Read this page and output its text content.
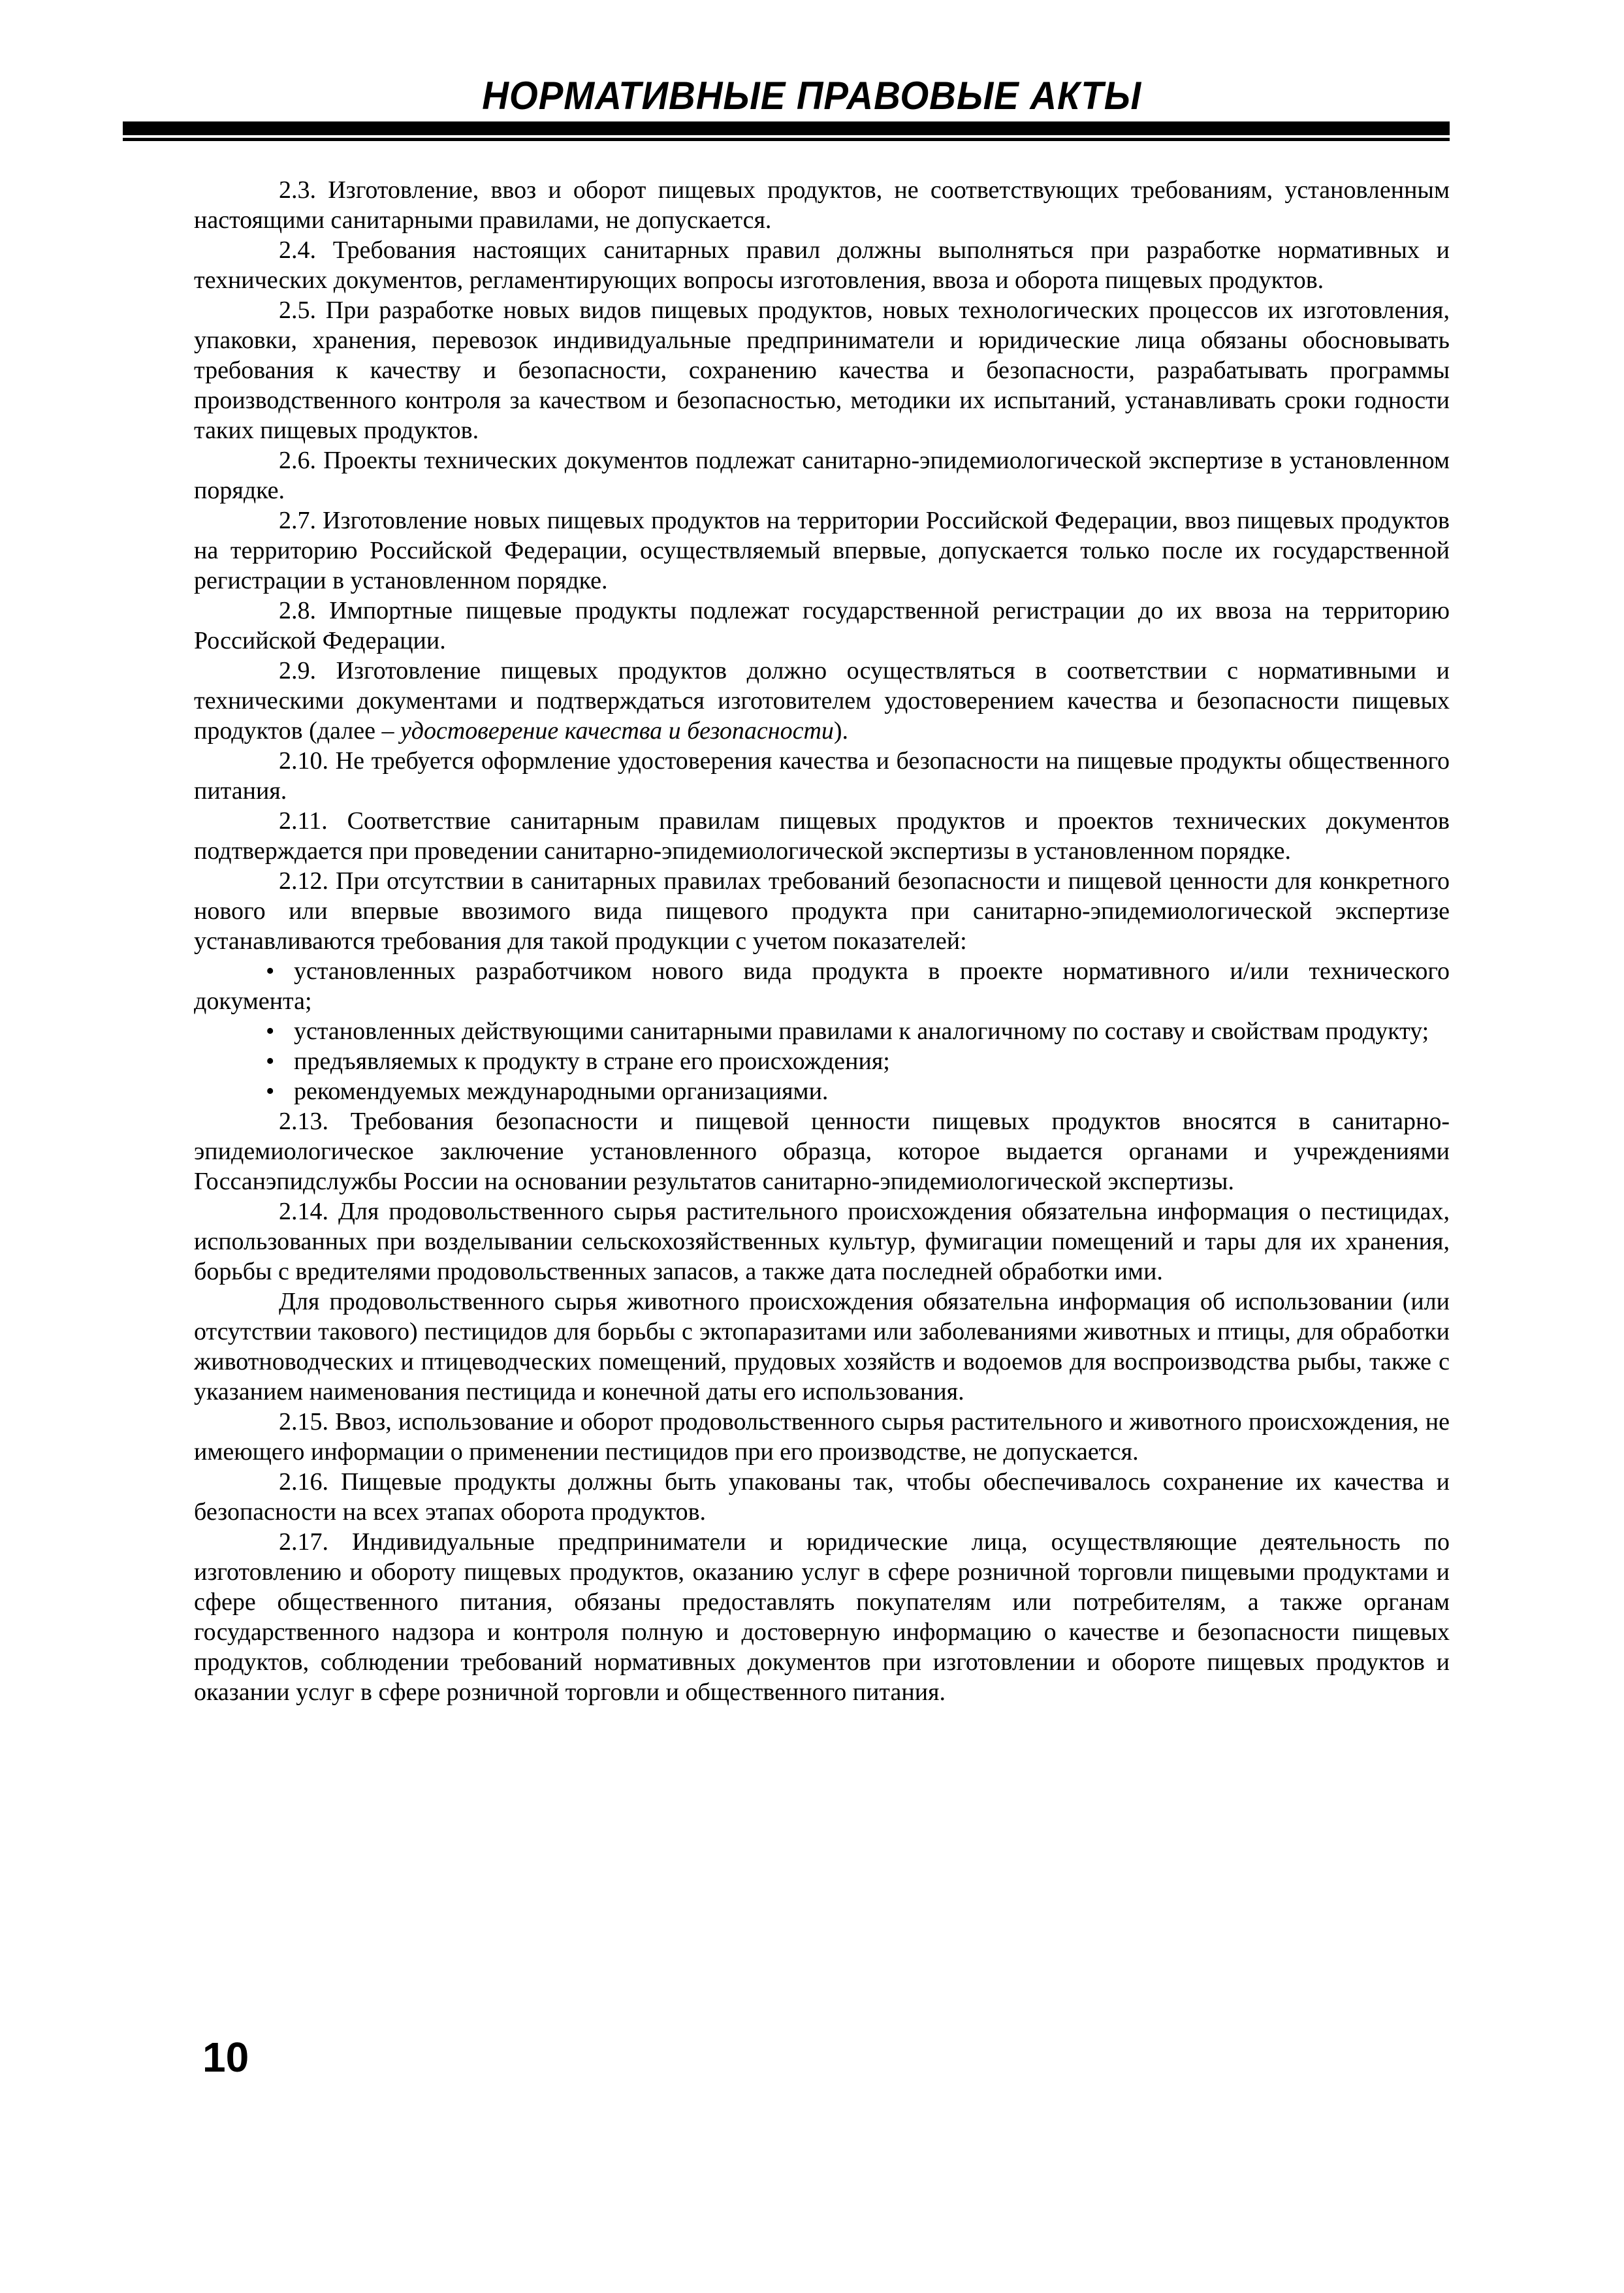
НОРМАТИВНЫЕ ПРАВОВЫЕ АКТЫ

2.3. Изготовление, ввоз и оборот пищевых продуктов, не соответствующих требованиям, установленным настоящими санитарными правилами, не допускается.

2.4. Требования настоящих санитарных правил должны выполняться при разработке нормативных и технических документов, регламентирующих вопросы изготовления, ввоза и оборота пищевых продуктов.

2.5. При разработке новых видов пищевых продуктов, новых технологических процессов их изготовления, упаковки, хранения, перевозок индивидуальные предприниматели и юридические лица обязаны обосновывать требования к качеству и безопасности, сохранению качества и безопасности, разрабатывать программы производственного контроля за качеством и безопасностью, методики их испытаний, устанавливать сроки годности таких пищевых продуктов.

2.6. Проекты технических документов подлежат санитарно-эпидемиологической экспертизе в установленном порядке.

2.7. Изготовление новых пищевых продуктов на территории Российской Федерации, ввоз пищевых продуктов на территорию Российской Федерации, осуществляемый впервые, допускается только после их государственной регистрации в установленном порядке.

2.8. Импортные пищевые продукты подлежат государственной регистрации до их ввоза на территорию Российской Федерации.

2.9. Изготовление пищевых продуктов должно осуществляться в соответствии с нормативными и техническими документами и подтверждаться изготовителем удостоверением качества и безопасности пищевых продуктов (далее – удостоверение качества и безопасности).

2.10. Не требуется оформление удостоверения качества и безопасности на пищевые продукты общественного питания.

2.11. Соответствие санитарным правилам пищевых продуктов и проектов технических документов подтверждается при проведении санитарно-эпидемиологической экспертизы в установленном порядке.

2.12. При отсутствии в санитарных правилах требований безопасности и пищевой ценности для конкретного нового или впервые ввозимого вида пищевого продукта при санитарно-эпидемиологической экспертизе устанавливаются требования для такой продукции с учетом показателей:

• установленных разработчиком нового вида продукта в проекте нормативного и/или технического документа;

• установленных действующими санитарными правилами к аналогичному по составу и свойствам продукту;

• предъявляемых к продукту в стране его происхождения;

• рекомендуемых международными организациями.

2.13. Требования безопасности и пищевой ценности пищевых продуктов вносятся в санитарно-эпидемиологическое заключение установленного образца, которое выдается органами и учреждениями Госсанэпидслужбы России на основании результатов санитарно-эпидемиологической экспертизы.

2.14. Для продовольственного сырья растительного происхождения обязательна информация о пестицидах, использованных при возделывании сельскохозяйственных культур, фумигации помещений и тары для их хранения, борьбы с вредителями продовольственных запасов, а также дата последней обработки ими.

Для продовольственного сырья животного происхождения обязательна информация об использовании (или отсутствии такового) пестицидов для борьбы с эктопаразитами или заболеваниями животных и птицы, для обработки животноводческих и птицеводческих помещений, прудовых хозяйств и водоемов для воспроизводства рыбы, также с указанием наименования пестицида и конечной даты его использования.

2.15. Ввоз, использование и оборот продовольственного сырья растительного и животного происхождения, не имеющего информации о применении пестицидов при его производстве, не допускается.

2.16. Пищевые продукты должны быть упакованы так, чтобы обеспечивалось сохранение их качества и безопасности на всех этапах оборота продуктов.

2.17. Индивидуальные предприниматели и юридические лица, осуществляющие деятельность по изготовлению и обороту пищевых продуктов, оказанию услуг в сфере розничной торговли пищевыми продуктами и сфере общественного питания, обязаны предоставлять покупателям или потребителям, а также органам государственного надзора и контроля полную и достоверную информацию о качестве и безопасности пищевых продуктов, соблюдении требований нормативных документов при изготовлении и обороте пищевых продуктов и оказании услуг в сфере розничной торговли и общественного питания.

10
